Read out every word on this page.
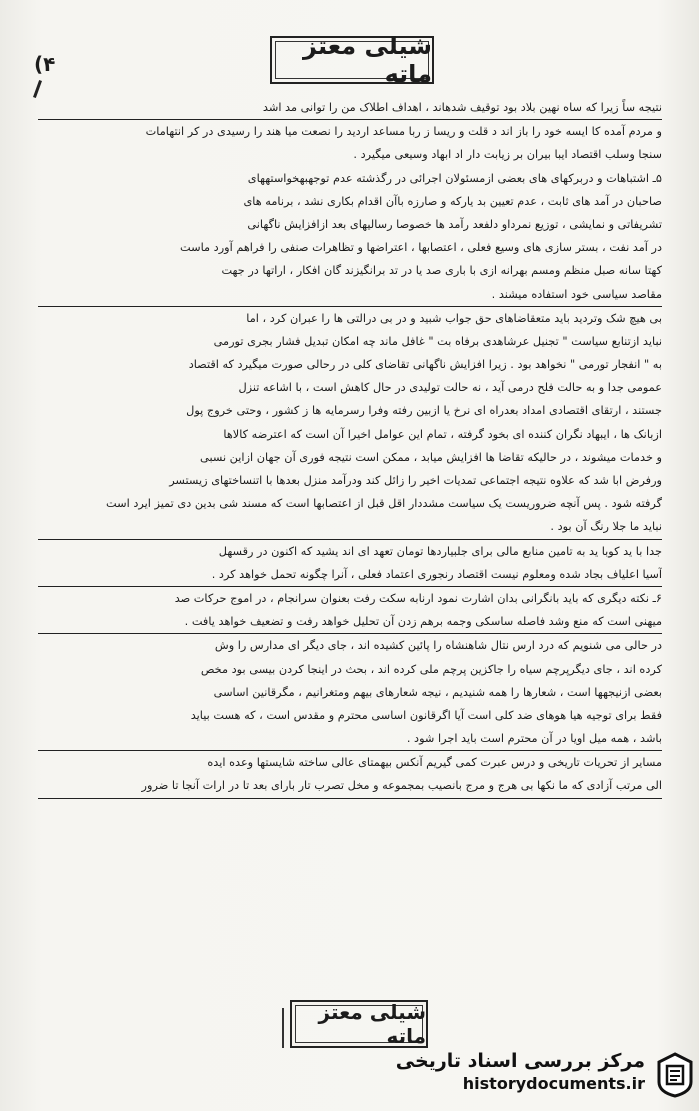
(۴
شیلی معتز ماته
نتیجه ساً زیرا که ساه نهین بلاد بود توقیف شدهاند ، اهداف اطلاک من را توانی مد اشد
و مردم آمده کا ایسه خود را باز اند د قلت و ریسا ز ربا مساعد اردید را نصعت میا هند را رسیدی در کر انتهامات
سنجا وسلب اقتصاد ایبا بیران بر زیابت دار اد ابهاد وسیعی میگیرد .
۵ـ اشتباهات و دربرکهای های بعضی ازمسئولان اجرائی در رگذشته عدم توجهبهخواستههای
صاحبان در آمد های ثابت ، عدم تعیین بد یارکه و صارزه باآن اقدام بکاری نشد ، برنامه های
تشریفاتی و نمایشی ، توزیع نمرداو دلفعد رآمد ها خصوصا رسالیهای بعد ازافزایش ناگهانی
در آمد نفت ، بستر سازی های وسیع فعلی ، اعتصابها ، اعتراضها و تظاهرات صنفی را فراهم آورد ماست
کهتا سانه صبل منظم ومسم بهرانه ازی با باری صد یا در تد برانگیزند گان افکار ، اراتها در جهت
مقاصد سیاسی خود استفاده میشند .
بی هیچ شک وتردید باید متعقاضاهای حق جواب شبید و در بی درالتی ها را عبران کرد ، اما
نباید ازتنابع سیاست " تجنیل عرشاهدی برفاه بت " غافل ماند چه امکان تبدیل فشار بجری تورمی
به " انفجار تورمی " نخواهد بود . زیرا افزایش ناگهانی تقاضای کلی در رحالی صورت میگیرد که اقتصاد
عمومی جدا و به حالت فلح درمی آید ، نه حالت تولیدی در حال کاهش است ، با اشاعه تنزل
جستند ، ارتقای اقتصادی امداد بعدراه ای نرخ یا ازبین رفته وفرا رسرمایه ها ز کشور ، وحتی خروج پول
ازبانک ها ، ایبهاد نگران کننده ای بخود گرفته ، تمام این عوامل اخیرا آن است که اعترضه کالاها
و خدمات میشوند ، در حالیکه تقاضا ها افزایش میابد ، ممکن است نتیجه فوری آن جهان ازاین نسبی
ورفرض ابا شد که علاوه نتیجه اجتماعی تمدیات اخیر را زائل کند ودرآمد منزل بعدها با اتنساختهای زیستسر
گرفته شود . پس آنچه ضروریست یک سیاست مشددار اقل قبل از اعتصابها است که مسند شی بدین دی تمیز ایرد است
نباید ما جلا رنگ آن بود .
جدا با ید کوبا ید به تامین منابع مالی برای جلبیاردها تومان تعهد ای اند یشید که اکنون در رقسهل
آسیا اعلیاف بجاد شده ومعلوم نیست اقتصاد رنجوری اعتماد فعلی ، آنرا چگونه تحمل خواهد کرد .
۶ـ نکته دیگری که باید بانگرانی بدان اشارت نمود ارنابه سکت رفت بعنوان سرانجام ، در اموج حرکات صد
میهنی است که منع وشد فاصله ساسکی وجمه برهم زدن آن تحلیل خواهد رفت و تضعیف خواهد یافت .
در حالی می شنویم که درد ارس نتال شاهنشاه را پائین کشیده اند ، جای دیگر ای مدارس را وش
کرده اند ، جای دیگرپرچم سیاه را جاکزین پرچم ملی کرده اند ، بحث در اینجا کردن بیسی بود مخص
بعضی ازنیجهها است ، شعارها را همه شنیدیم ، نیجه شعارهای بیهم ومتغرانیم ، مگرقانین اساسی
فقط برای توجیه هیا هوهای ضد کلی است آیا اگرقانون اساسی محترم و مقدس است ، که هست بیاید
باشد ، همه میل اویا در آن محترم است باید اجرا شود .
مسایر از تحریات تاریخی و درس عبرت کمی گیریم آنکس بیهمتای عالی ساخته شایستها وعده ایده
الی مرتب آزادی که ما نکها بی هرج و مرج بانصیب بمجموعه و مخل تصرب تار بارای بعد تا در ارات آنجا تا ضرور
شیلی معتز ماته
مرکز بررسی اسناد تاریخی
historydocuments.ir
